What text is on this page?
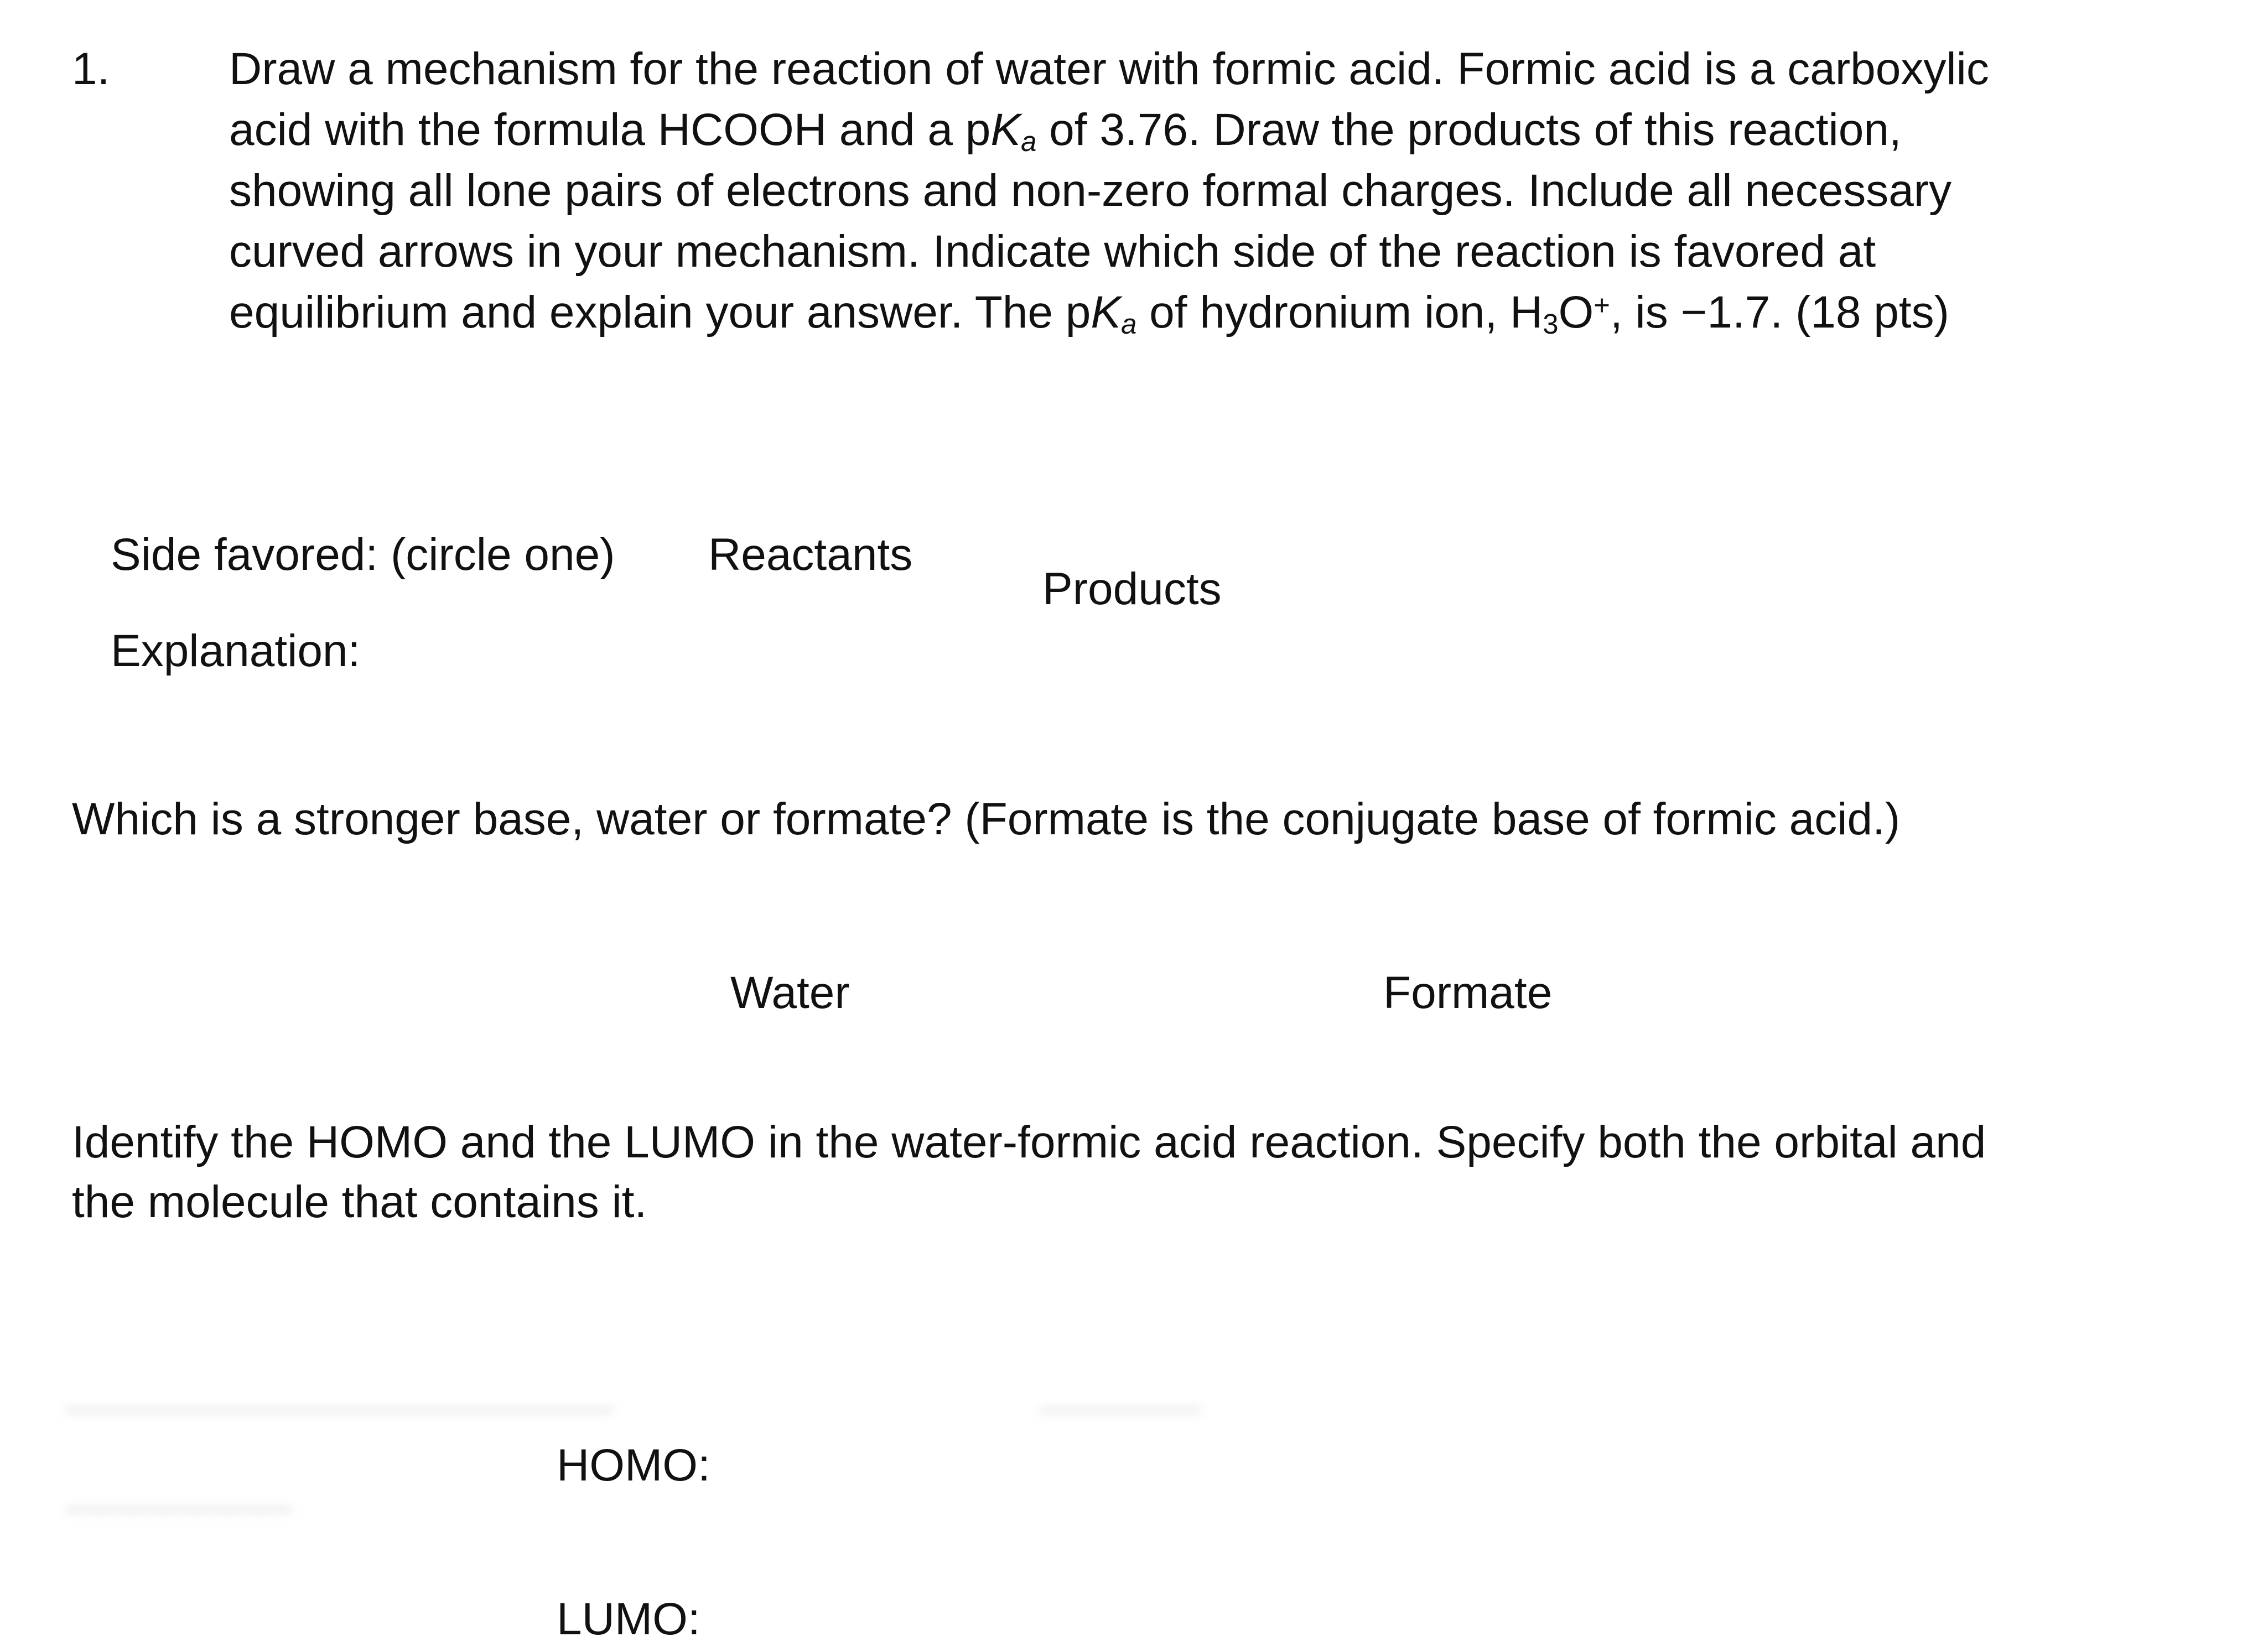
​─────────────────	─────
───────
1.	Draw a mechanism for the reaction of water with formic acid. Formic acid is a carboxylic
acid with the formula HCOOH and a pKa of 3.76. Draw the products of this reaction,
showing all lone pairs of electrons and non-zero formal charges. Include all necessary
curved arrows in your mechanism. Indicate which side of the reaction is favored at
equilibrium and explain your answer. The pKa of hydronium ion, H3O+, is −1.7. (18 pts)
Side favored: (circle one) Reactants
Products
Explanation:
Which is a stronger base, water or formate? (Formate is the conjugate base of formic acid.)
Water	Formate
Identify the HOMO and the LUMO in the water-formic acid reaction. Specify both the orbital and
the molecule that contains it.
HOMO:
LUMO:
